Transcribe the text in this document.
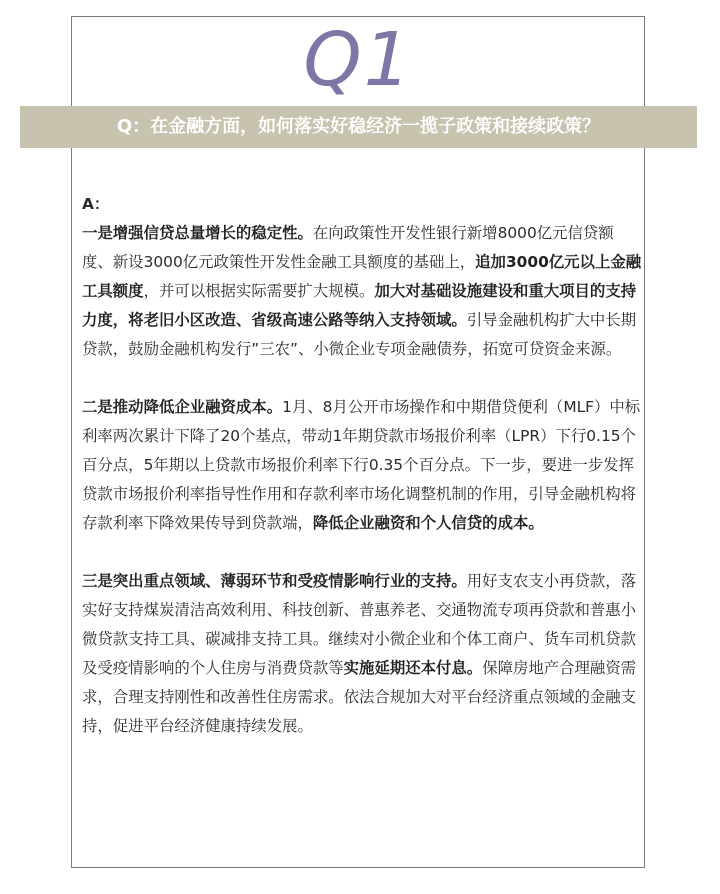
Q1
Q：在金融方面，如何落实好稳经济一揽子政策和接续政策？

A：

一是增强信贷总量增长的稳定性。在向政策性开发性银行新增8000亿元信贷额度、新设3000亿元政策性开发性金融工具额度的基础上，追加3000亿元以上金融工具额度，并可以根据实际需要扩大规模。加大对基础设施建设和重大项目的支持力度，将老旧小区改造、省级高速公路等纳入支持领域。引导金融机构扩大中长期贷款，鼓励金融机构发行”三农”、小微企业专项金融债券，拓宽可贷资金来源。

二是推动降低企业融资成本。1月、8月公开市场操作和中期借贷便利（MLF）中标利率两次累计下降了20个基点，带动1年期贷款市场报价利率（LPR）下行0.15个百分点，5年期以上贷款市场报价利率下行0.35个百分点。下一步，要进一步发挥贷款市场报价利率指导性作用和存款利率市场化调整机制的作用，引导金融机构将存款利率下降效果传导到贷款端，降低企业融资和个人信贷的成本。

三是突出重点领域、薄弱环节和受疫情影响行业的支持。用好支农支小再贷款，落实好支持煤炭清洁高效利用、科技创新、普惠养老、交通物流专项再贷款和普惠小微贷款支持工具、碳减排支持工具。继续对小微企业和个体工商户、货车司机贷款及受疫情影响的个人住房与消费贷款等实施延期还本付息。保障房地产合理融资需求，合理支持刚性和改善性住房需求。依法合规加大对平台经济重点领域的金融支持，促进平台经济健康持续发展。
